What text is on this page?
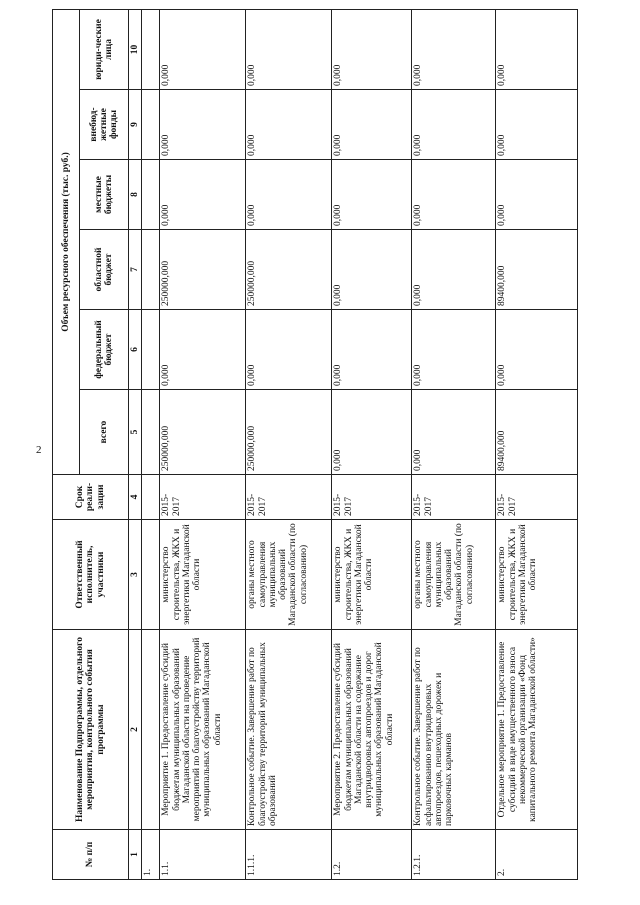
2
№ п/п	Наименование Подпрограммы, отдельного мероприятия, контрольного события программы	Ответственный исполнитель, участники	Срок реали-зации	Объем ресурсного обеспечения (тыс. руб.)					
				всего	федеральный бюджет	областной бюджет	местные бюджеты	внебюд-жетные фонды	юриди-ческие лица
1	2	3	4	5	6	7	8	9	10
1.									
1.1.	Мероприятие 1. Предоставление субсидий бюджетам муниципальных образований Магаданской области на проведение мероприятий по благоустройству территорий муниципальных образований Магаданской области	министерство строительства, ЖКХ и энергетики Магаданской области	2015-2017	250000,000	0,000	250000,000	0,000	0,000	0,000
1.1.1.	Контрольное событие. Завершение работ по благоустройству территорий муниципальных образований	органы местного самоуправления муниципальных образований Магаданской области (по согласованию)	2015-2017	250000,000	0,000	250000,000	0,000	0,000	0,000
1.2.	Мероприятие 2. Предоставление субсидий бюджетам муниципальных образований Магаданской области на содержание внутридворовых автопроездов и дорог муниципальных образований Магаданской области	министерство строительства, ЖКХ и энергетики Магаданской области	2015-2017	0,000	0,000	0,000	0,000	0,000	0,000
1.2.1.	Контрольное событие. Завершение работ по асфальтированию внутридворовых автопроездов, пешеходных дорожек и парковочных карманов	органы местного самоуправления муниципальных образований Магаданской области (по согласованию)	2015-2017	0,000	0,000	0,000	0,000	0,000	0,000
2.	Отдельное мероприятие 1. Предоставление субсидий в виде имущественного взноса некоммерческой организации «Фонд капитального ремонта Магаданской области»	министерство строительства, ЖКХ и энергетики Магаданской области	2015-2017	89400,000	0,000	89400,000	0,000	0,000	0,000
